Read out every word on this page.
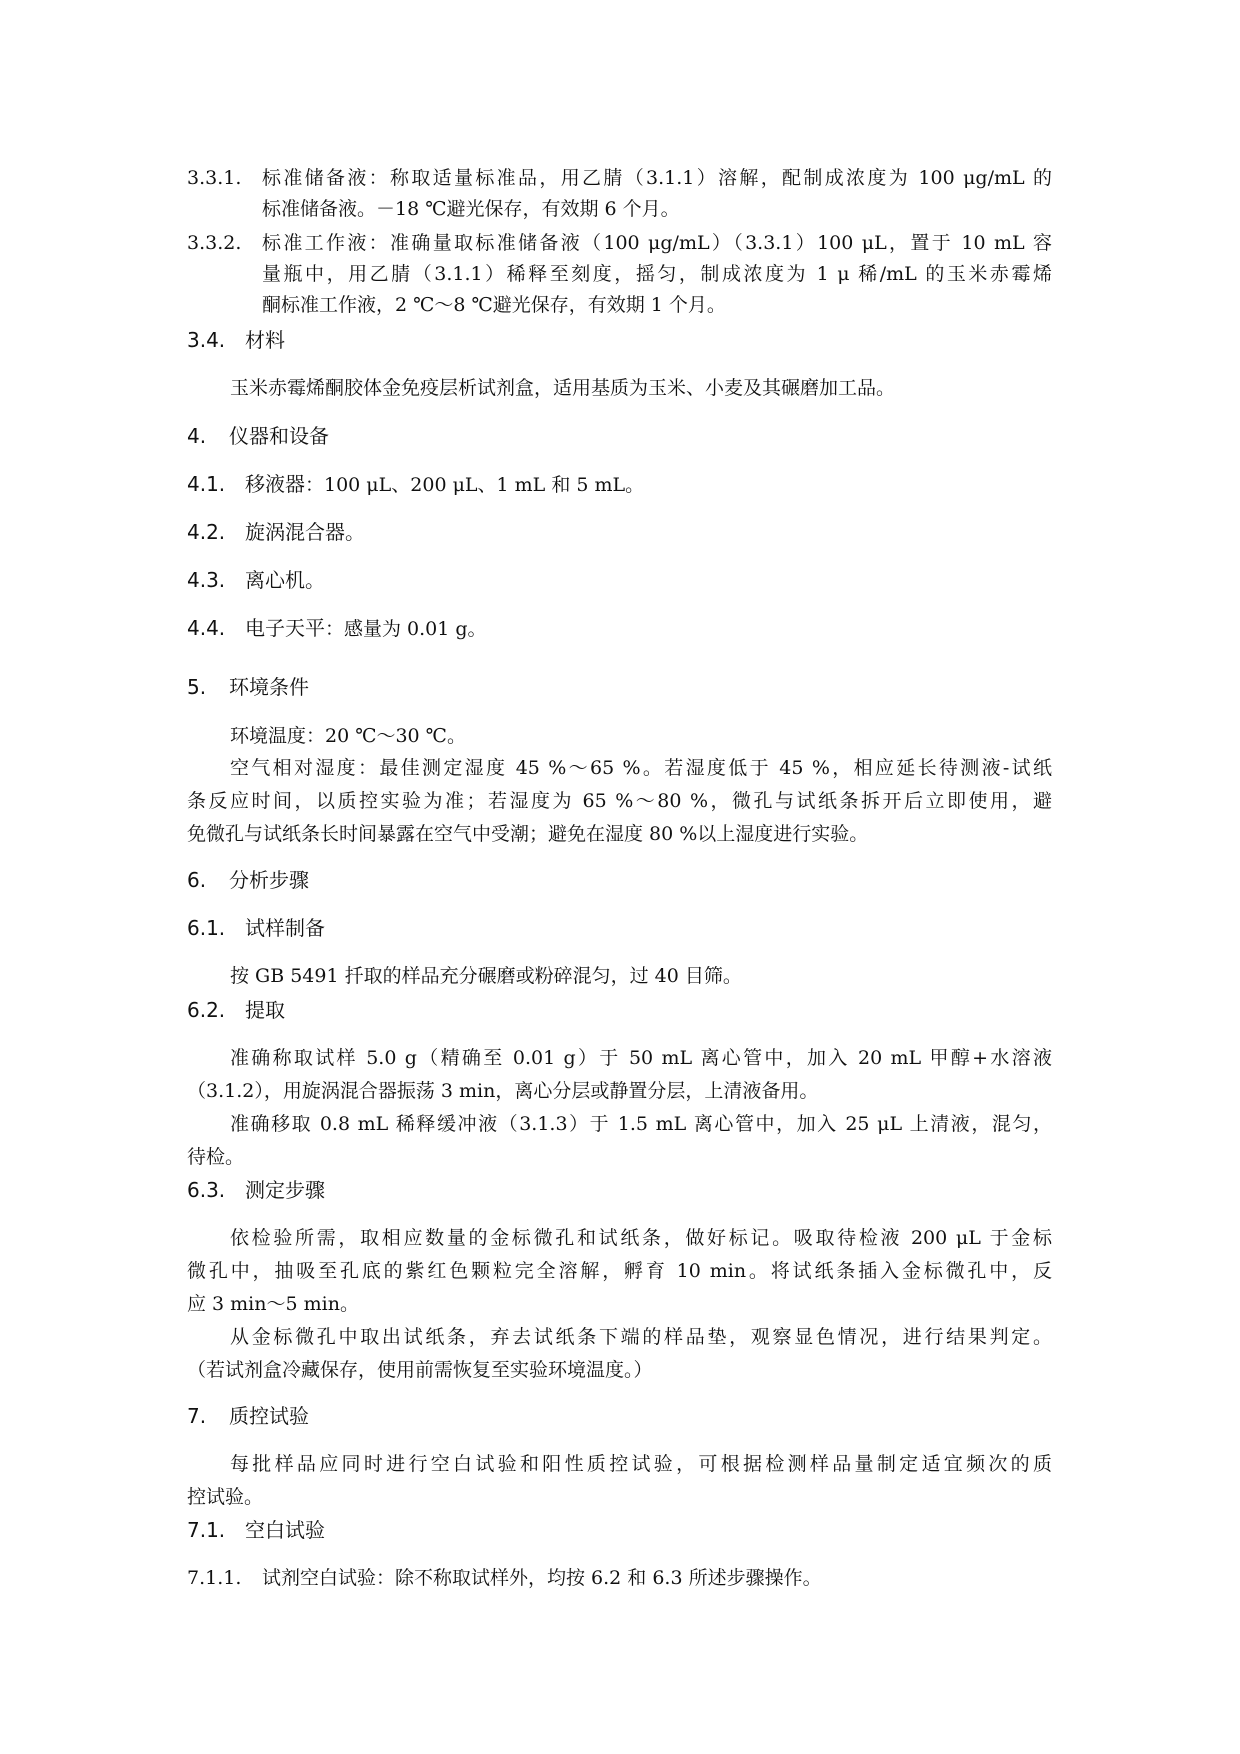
3.3.1. 标准储备液：称取适量标准品，用乙腈（3.1.1）溶解，配制成浓度为 100 μg/mL 的
标准储备液。－18 ℃避光保存，有效期 6 个月。
3.3.2. 标准工作液：准确量取标准储备液（100 μg/mL）（3.3.1）100 μL，置于 10 mL 容
量瓶中，用乙腈（3.1.1）稀释至刻度，摇匀，制成浓度为 1 μ 稀/mL 的玉米赤霉烯
酮标准工作液，2 ℃～8 ℃避光保存，有效期 1 个月。
3.4. 材料
玉米赤霉烯酮胶体金免疫层析试剂盒，适用基质为玉米、小麦及其碾磨加工品。
4. 仪器和设备
4.1. 移液器：100 μL、200 μL、1 mL 和 5 mL。
4.2. 旋涡混合器。
4.3. 离心机。
4.4. 电子天平：感量为 0.01 g。
5. 环境条件
环境温度：20 ℃～30 ℃。
空气相对湿度：最佳测定湿度 45 %～65 %。若湿度低于 45 %，相应延长待测液-试纸
条反应时间，以质控实验为准；若湿度为 65 %～80 %，微孔与试纸条拆开后立即使用，避
免微孔与试纸条长时间暴露在空气中受潮；避免在湿度 80 %以上湿度进行实验。
6. 分析步骤
6.1. 试样制备
按 GB 5491 扦取的样品充分碾磨或粉碎混匀，过 40 目筛。
6.2. 提取
准确称取试样 5.0 g（精确至 0.01 g）于 50 mL 离心管中，加入 20 mL 甲醇+水溶液
（3.1.2），用旋涡混合器振荡 3 min，离心分层或静置分层，上清液备用。
准确移取 0.8 mL 稀释缓冲液（3.1.3）于 1.5 mL 离心管中，加入 25 μL 上清液，混匀，
待检。
6.3. 测定步骤
依检验所需，取相应数量的金标微孔和试纸条，做好标记。吸取待检液 200 μL 于金标
微孔中，抽吸至孔底的紫红色颗粒完全溶解，孵育 10 min。将试纸条插入金标微孔中，反
应 3 min～5 min。
从金标微孔中取出试纸条，弃去试纸条下端的样品垫，观察显色情况，进行结果判定。
（若试剂盒冷藏保存，使用前需恢复至实验环境温度。）
7. 质控试验
每批样品应同时进行空白试验和阳性质控试验，可根据检测样品量制定适宜频次的质
控试验。
7.1. 空白试验
7.1.1. 试剂空白试验：除不称取试样外，均按 6.2 和 6.3 所述步骤操作。
